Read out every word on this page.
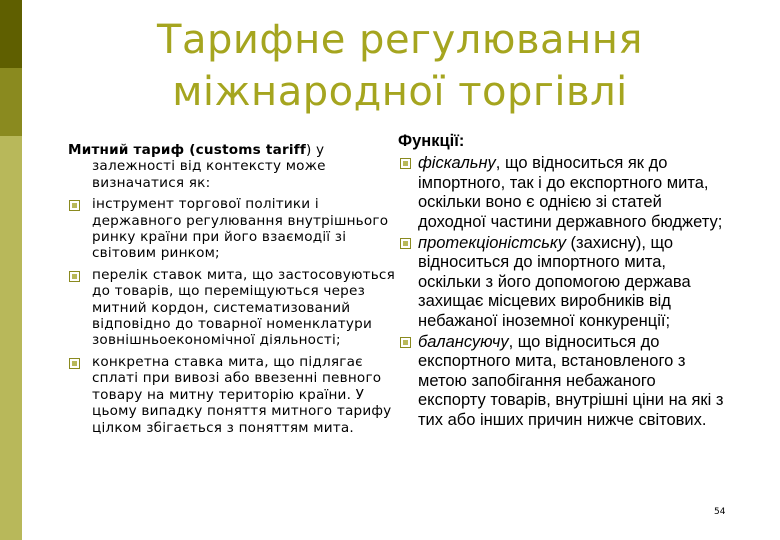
Тарифне регулювання
міжнародної торгівлі
Митний тариф (customs tariff) у залежності від контексту може визначатися як:
інструмент торгової політики і державного регулювання внутрішнього ринку країни при його взаємодії зі світовим ринком;
перелік ставок мита, що застосовуються до товарів, що переміщуються через митний кордон, систематизований відповідно до товарної номенклатури зовнішньоекономічної діяльності;
конкретна ставка мита, що підлягає сплаті при вивозі або ввезенні певного товару на митну територію країни. У цьому випадку поняття митного тарифу цілком збігається з поняттям мита.
Функції:
фіскальну, що відноситься як до імпортного, так і до експортного мита, оскільки воно є однією зі статей доходної частини державного бюджету;
протекціоністську (захисну), що відноситься до імпортного мита, оскільки з його допомогою держава захищає місцевих виробників від небажаної іноземної конкуренції;
балансуючу, що відноситься до експортного мита, встановленого з метою запобігання небажаного експорту товарів, внутрішні ціни на які з тих або інших причин нижче світових.
54
